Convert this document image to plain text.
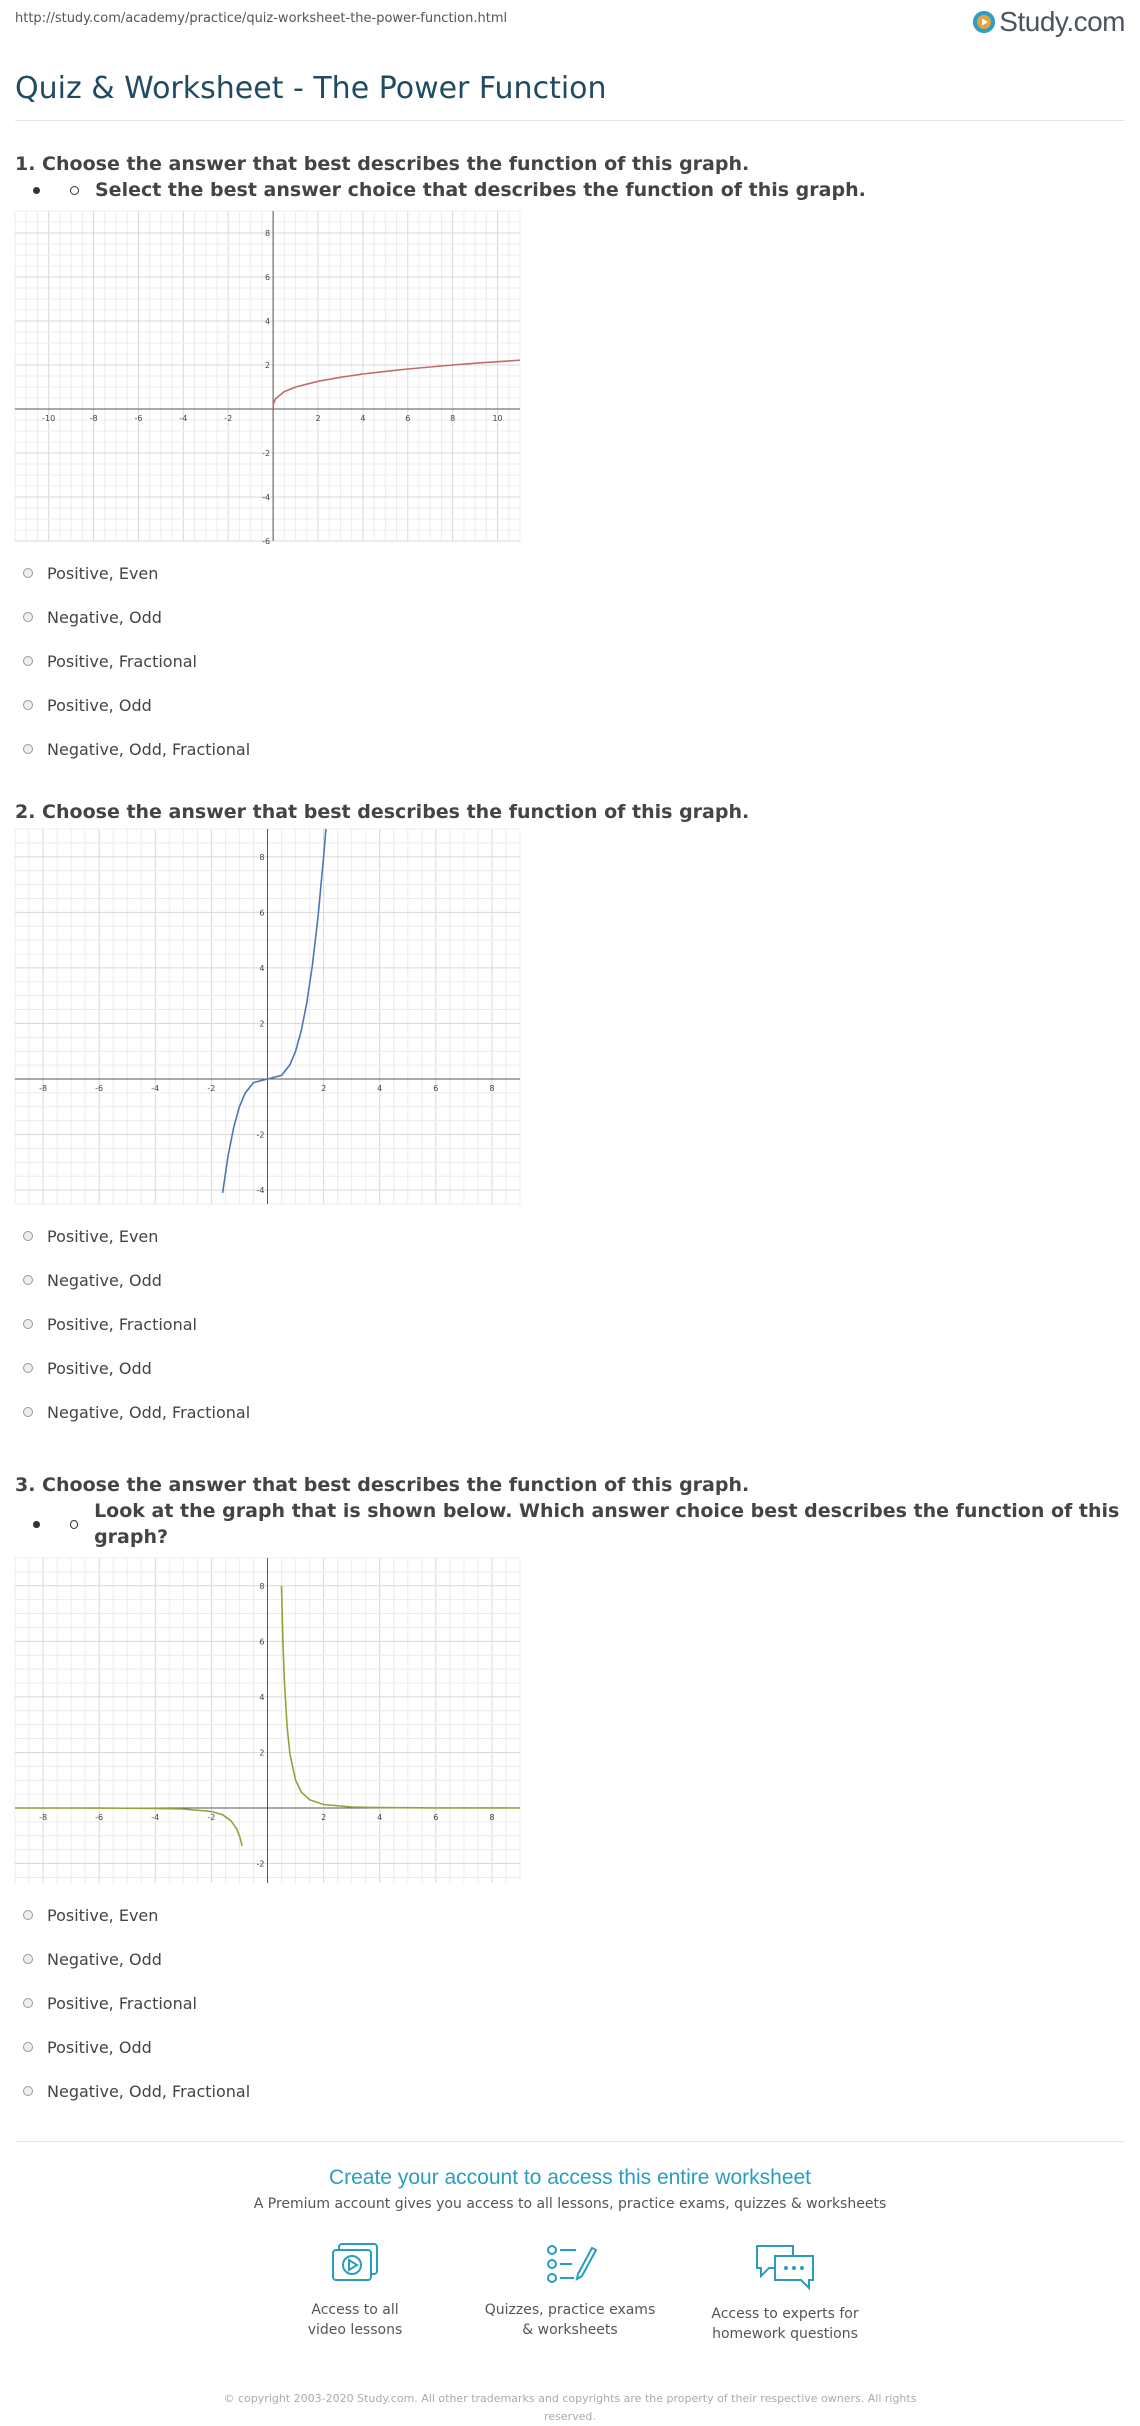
http://study.com/academy/practice/quiz-worksheet-the-power-function.html	Study.com
Quiz & Worksheet - The Power Function
1. Choose the answer that best describes the function of this graph.
Select the best answer choice that describes the function of this graph.
-10	-8	-6	-4	-2	2	4	6	8	10
-6
-4
-2
2
4
6
8
Positive, Even
Negative, Odd
Positive, Fractional
Positive, Odd
Negative, Odd, Fractional
2. Choose the answer that best describes the function of this graph.
-8	-6	-4	-2	2	4	6	8
-4
-2
2
4
6
8
Positive, Even
Negative, Odd
Positive, Fractional
Positive, Odd
Negative, Odd, Fractional
3. Choose the answer that best describes the function of this graph.
Look at the graph that is shown below. Which answer choice best describes the function of this graph?
-8	-6	-4	-2	2	4	6	8
-2
2
4
6
8
Positive, Even
Negative, Odd
Positive, Fractional
Positive, Odd
Negative, Odd, Fractional
Create your account to access this entire worksheet
A Premium account gives you access to all lessons, practice exams, quizzes & worksheets
Access to all
video lessons
Quizzes, practice exams
& worksheets
Access to experts for
homework questions
© copyright 2003-2020 Study.com. All other trademarks and copyrights are the property of their respective owners. All rights
reserved.
